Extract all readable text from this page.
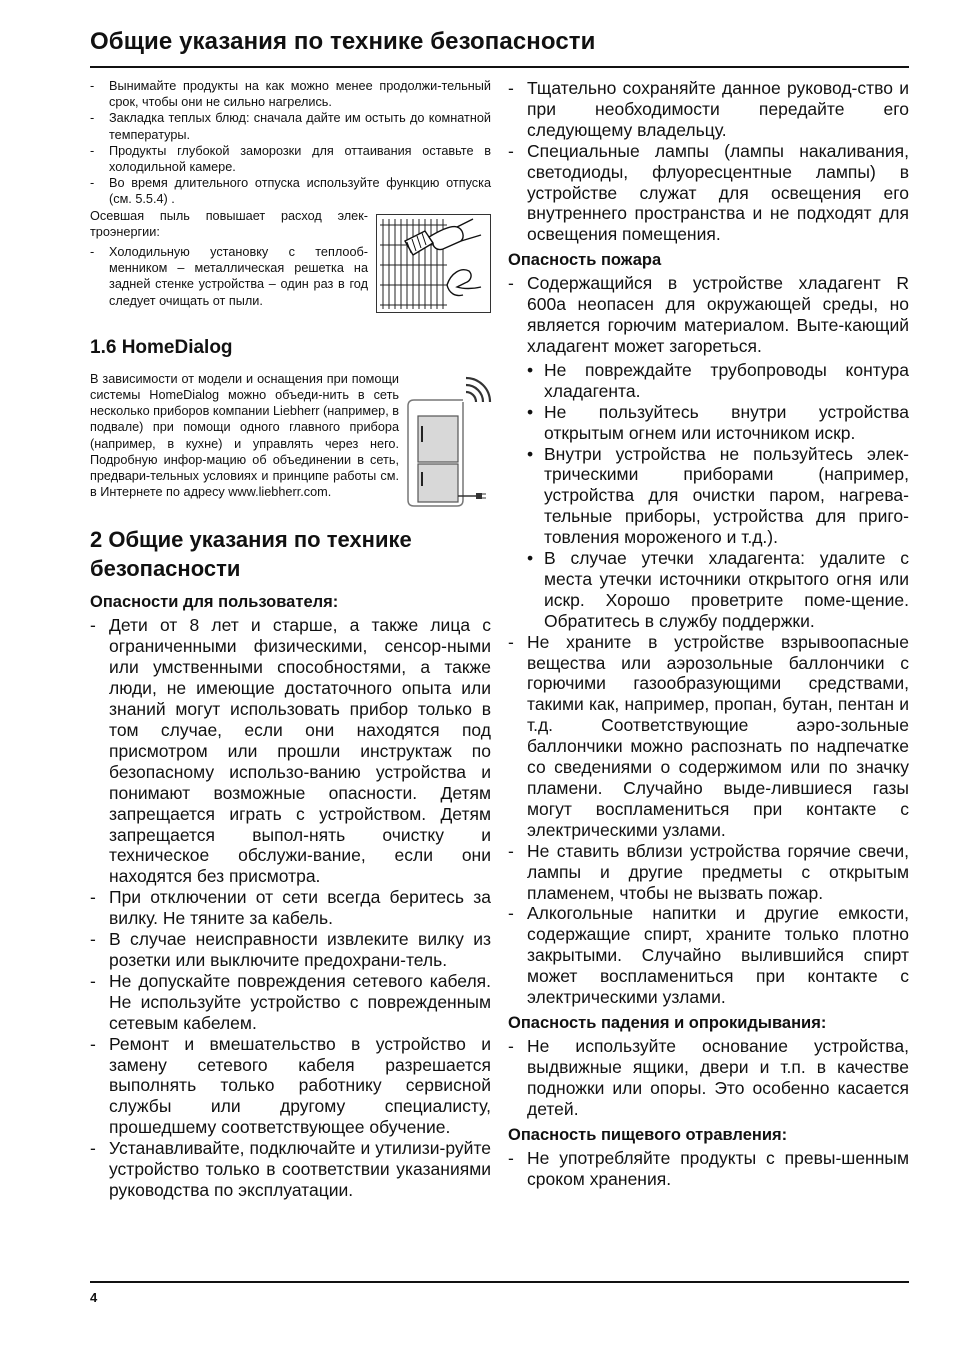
Общие указания по технике безопасности
- Вынимайте продукты на как можно менее продолжи-тельный срок, чтобы они не сильно нагрелись.
- Закладка теплых блюд: сначала дайте им остыть до комнатной температуры.
- Продукты глубокой заморозки для оттаивания оставьте в холодильной камере.
- Во время длительного отпуска используйте функцию отпуска (см. 5.5.4) .

Осевшая пыль повышает расход элек-троэнергии:

- Холодильную установку с теплооб-менником – металлическая решетка на задней стенке устройства – один раз в год следует очищать от пыли.
1.6 HomeDialog

В зависимости от модели и оснащения при помощи системы HomeDialog можно объеди-нить в сеть несколько приборов компании Liebherr (например, в подвале) при помощи одного главного прибора (например, в кухне) и управлять через него. Подробную инфор-мацию об объединении в сеть, предвари-тельных условиях и принципе работы см. в Интернете по адресу www.liebherr.com.

2 Общие указания по технике безопасности
Опасности для пользователя:
- Дети от 8 лет и старше, а также лица с ограниченными физическими, сенсор-ными или умственными способностями, а также люди, не имеющие достаточного опыта или знаний могут использовать прибор только в том случае, если они находятся под присмотром или прошли инструктаж по безопасному использо-ванию устройства и понимают возможные опасности. Детям запрещается играть с устройством. Детям запрещается выпол-нять очистку и техническое обслужи-вание, если они находятся без присмотра.
- При отключении от сети всегда беритесь за вилку. Не тяните за кабель.
- В случае неисправности извлеките вилку из розетки или выключите предохрани-тель.
- Не допускайте повреждения сетевого кабеля. Не используйте устройство с поврежденным сетевым кабелем.
- Ремонт и вмешательство в устройство и замену сетевого кабеля разрешается выполнять только работнику сервисной службы или другому специалисту, прошедшему соответствующее обучение.
- Устанавливайте, подключайте и утилизи-руйте устройство только в соответствии указаниями руководства по эксплуатации.
- Тщательно сохраняйте данное руковод-ство и при необходимости передайте его следующему владельцу.
- Специальные лампы (лампы накаливания, светодиоды, флуоресцентные лампы) в устройстве служат для освещения его внутреннего пространства и не подходят для освещения помещения.
Опасность пожара
- Содержащийся в устройстве хладагент R 600a неопасен для окружающей среды, но является горючим материалом. Выте-кающий хладагент может загореться.
• Не повреждайте трубопроводы контура хладагента.
• Не пользуйтесь внутри устройства открытым огнем или источником искр.
• Внутри устройства не пользуйтесь элек-трическими приборами (например, устройства для очистки паром, нагрева-тельные приборы, устройства для приго-товления мороженого и т.д.).
• В случае утечки хладагента: удалите с места утечки источники открытого огня или искр. Хорошо проветрите поме-щение. Обратитесь в службу поддержки.
- Не храните в устройстве взрывоопасные вещества или аэрозольные баллончики с горючими газообразующими средствами, такими как, например, пропан, бутан, пентан и т.д. Соответствующие аэро-зольные баллончики можно распознать по надпечатке со сведениями о содержимом или по значку пламени. Случайно выде-лившиеся газы могут воспламениться при контакте с электрическими узлами.
- Не ставить вблизи устройства горячие свечи, лампы и другие предметы с открытым пламенем, чтобы не вызвать пожар.
- Алкогольные напитки и другие емкости, содержащие спирт, храните только плотно закрытыми. Случайно вылившийся спирт может воспламениться при контакте с электрическими узлами.
Опасность падения и опрокидывания:
- Не используйте основание устройства, выдвижные ящики, двери и т.п. в качестве подножки или опоры. Это особенно касается детей.
Опасность пищевого отравления:
- Не употребляйте продукты с превы-шенным сроком хранения.
4
